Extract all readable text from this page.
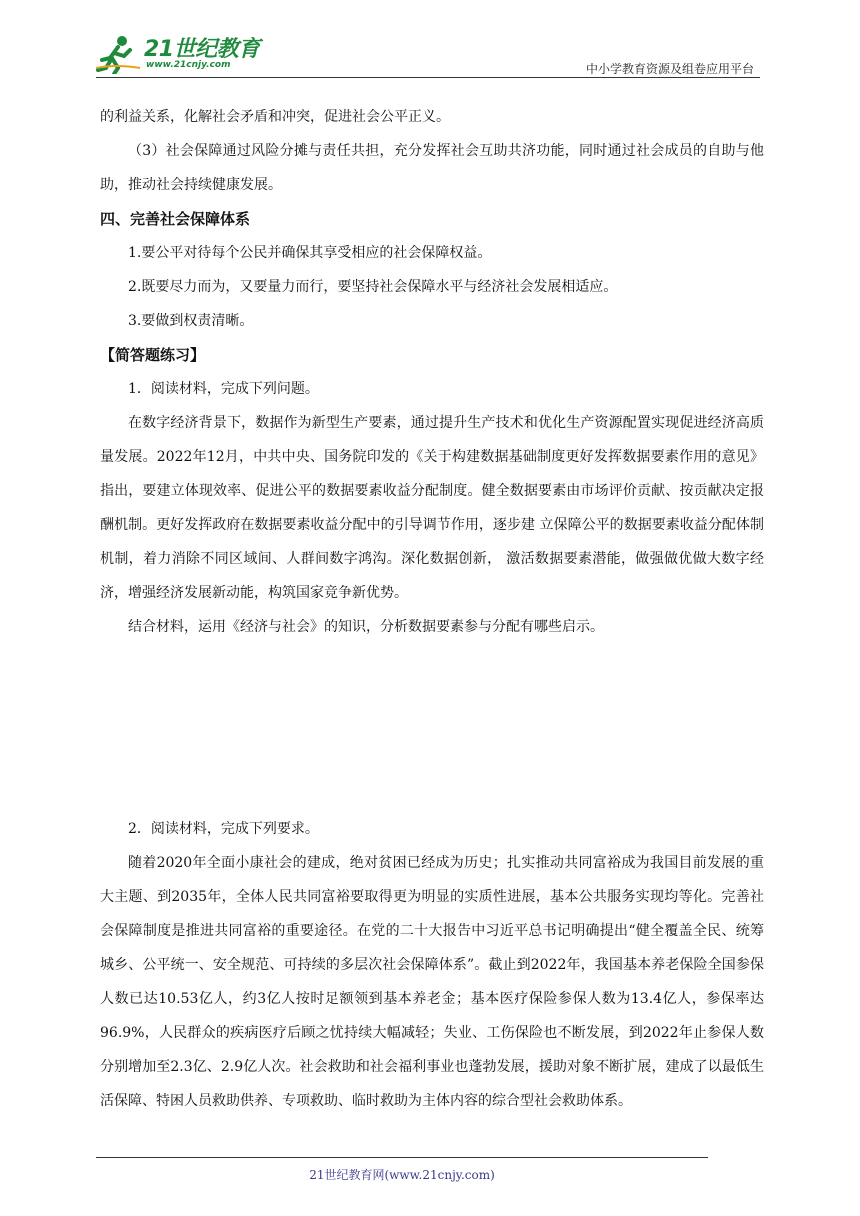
21世纪教育
www.21cnjy.com	中小学教育资源及组卷应用平台

的利益关系，化解社会矛盾和冲突，促进社会公平正义。

（3）社会保障通过风险分摊与责任共担，充分发挥社会互助共济功能，同时通过社会成员的自助与他助，推动社会持续健康发展。

四、完善社会保障体系

1.要公平对待每个公民并确保其享受相应的社会保障权益。

2.既要尽力而为，又要量力而行，要坚持社会保障水平与经济社会发展相适应。

3.要做到权责清晰。

【简答题练习】

1．阅读材料，完成下列问题。

在数字经济背景下，数据作为新型生产要素，通过提升生产技术和优化生产资源配置实现促进经济高质量发展。2022年12月，中共中央、国务院印发的《关于构建数据基础制度更好发挥数据要素作用的意见》指出，要建立体现效率、促进公平的数据要素收益分配制度。健全数据要素由市场评价贡献、按贡献决定报酬机制。更好发挥政府在数据要素收益分配中的引导调节作用，逐步建 立保障公平的数据要素收益分配体制机制，着力消除不同区域间、人群间数字鸿沟。深化数据创新， 激活数据要素潜能，做强做优做大数字经济，增强经济发展新动能，构筑国家竞争新优势。

结合材料，运用《经济与社会》的知识，分析数据要素参与分配有哪些启示。

2．阅读材料，完成下列要求。

随着2020年全面小康社会的建成，绝对贫困已经成为历史；扎实推动共同富裕成为我国目前发展的重大主题、到2035年，全体人民共同富裕要取得更为明显的实质性进展，基本公共服务实现均等化。完善社会保障制度是推进共同富裕的重要途径。在党的二十大报告中习近平总书记明确提出“健全覆盖全民、统筹城乡、公平统一、安全规范、可持续的多层次社会保障体系”。截止到2022年，我国基本养老保险全国参保人数已达10.53亿人，约3亿人按时足额领到基本养老金；基本医疗保险参保人数为13.4亿人，参保率达96.9%，人民群众的疾病医疗后顾之忧持续大幅减轻；失业、工伤保险也不断发展，到2022年止参保人数分别增加至2.3亿、2.9亿人次。社会救助和社会福利事业也蓬勃发展，援助对象不断扩展，建成了以最低生活保障、特困人员救助供养、专项救助、临时救助为主体内容的综合型社会救助体系。

21世纪教育网(www.21cnjy.com)
